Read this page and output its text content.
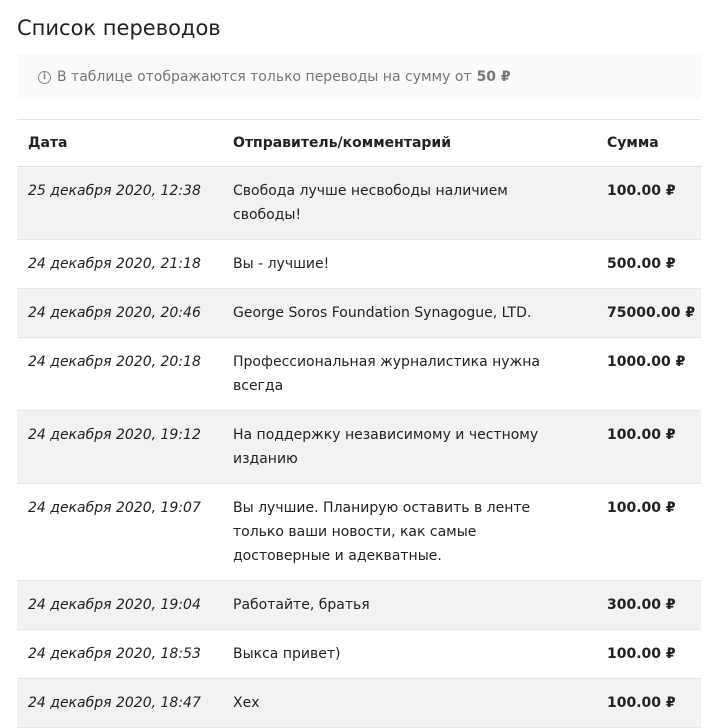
Список переводов
i В таблице отображаются только переводы на сумму от 50 ₽
Дата	Отправитель/комментарий	Сумма
25 декабря 2020, 12:38	Свобода лучше несвободы наличием свободы!	100.00 ₽
24 декабря 2020, 21:18	Вы - лучшие!	500.00 ₽
24 декабря 2020, 20:46	George Soros Foundation Synagogue, LTD.	75000.00 ₽
24 декабря 2020, 20:18	Профессиональная журналистика нужна всегда	1000.00 ₽
24 декабря 2020, 19:12	На поддержку независимому и честному изданию	100.00 ₽
24 декабря 2020, 19:07	Вы лучшие. Планирую оставить в ленте только ваши новости, как самые достоверные и адекватные.	100.00 ₽
24 декабря 2020, 19:04	Работайте, братья	300.00 ₽
24 декабря 2020, 18:53	Выкса привет)	100.00 ₽
24 декабря 2020, 18:47	Хех	100.00 ₽
